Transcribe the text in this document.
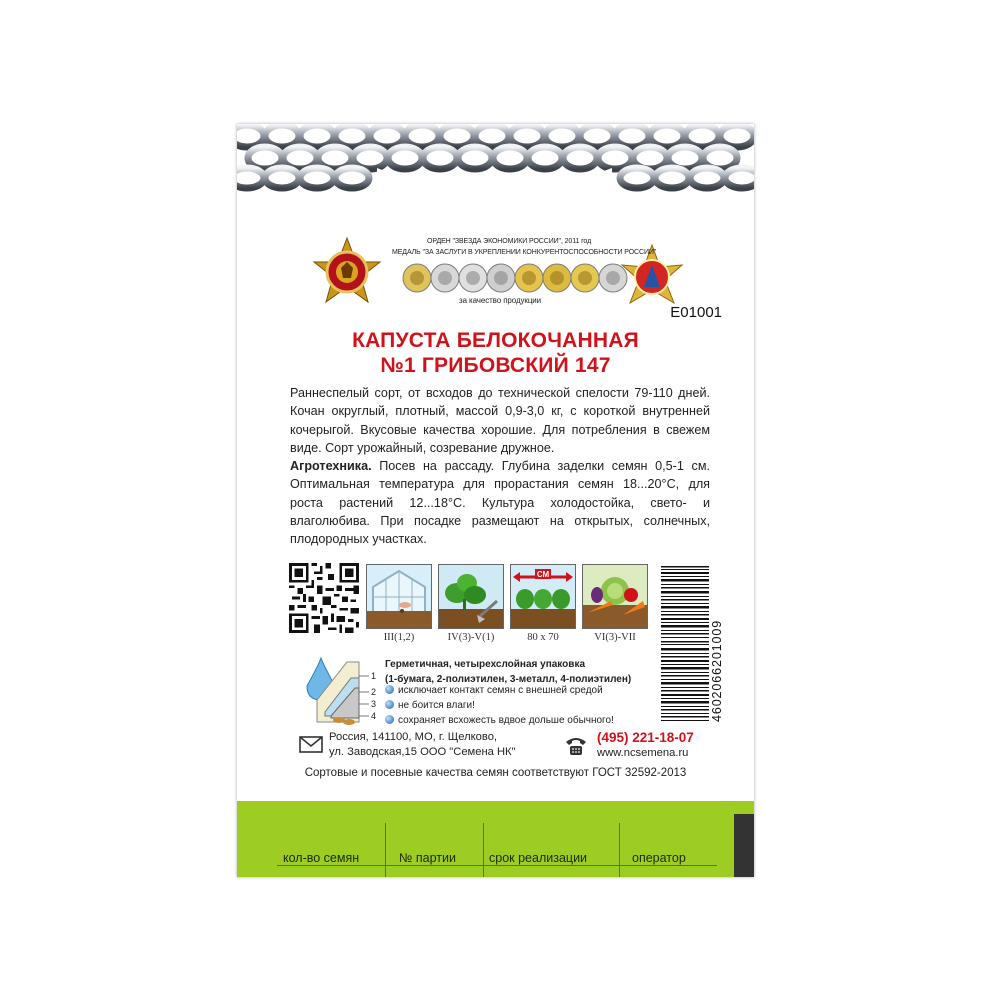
ОРДЕН "ЗВЕЗДА ЭКОНОМИКИ РОССИИ", 2011 год
МЕДАЛЬ "ЗА ЗАСЛУГИ В УКРЕПЛЕНИИ КОНКУРЕНТОСПОСОБНОСТИ РОССИИ"
за качество продукции
E01001
КАПУСТА БЕЛОКОЧАННАЯ
№1 ГРИБОВСКИЙ 147

Раннеспелый сорт, от всходов до технической спелости 79-110 дней. Кочан округлый, плотный, массой 0,9-3,0 кг, с короткой внутренней кочерыгой. Вкусовые качества хорошие. Для потребления в свежем виде. Сорт урожайный, созревание дружное.

Агротехника. Посев на рассаду. Глубина заделки семян 0,5-1 см. Оптимальная температура для прорастания семян 18...20°С, для роста растений 12...18°С. Культура холодостойка, свето- и влаголюбива. При посадке размещают на открытых, солнечных, плодородных участках.

СМ
III(1,2)	IV(3)-V(1)	80 x 70	VI(3)-VII	4602066201009
1
2
3
4
Герметичная, четырехслойная упаковка
(1-бумага, 2-полиэтилен, 3-металл, 4-полиэтилен)
исключает контакт семян с внешней средой
не боится влаги!
сохраняет всхожесть вдвое дольше обычного!
Россия, 141100, МО, г. Щелково,
ул. Заводская,15 ООО "Семена НК"
(495) 221-18-07
www.ncsemena.ru
Сортовые и посевные качества семян соответствуют ГОСТ 32592-2013
кол-во семян	№ партии	срок реализации	оператор
